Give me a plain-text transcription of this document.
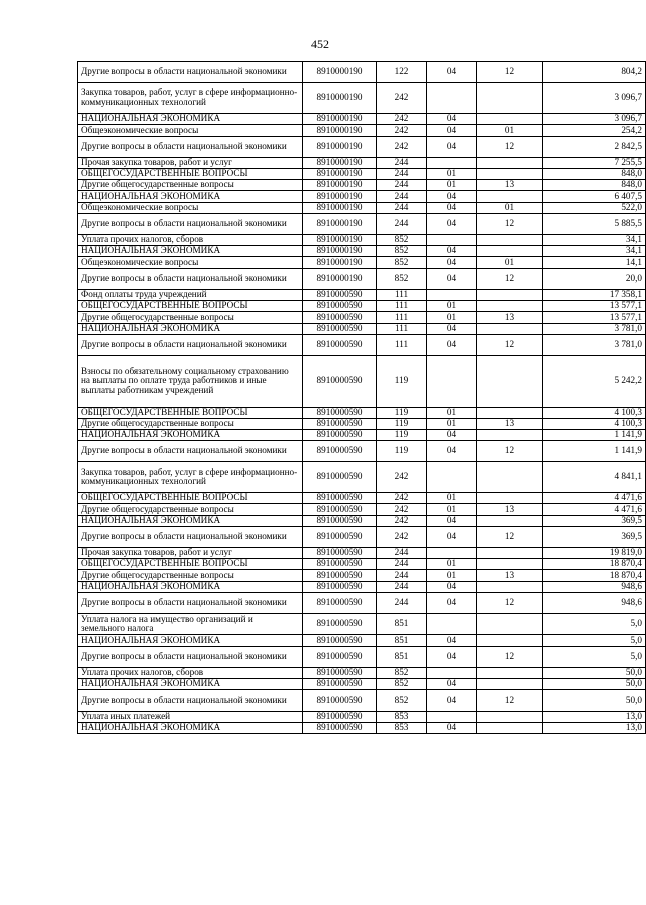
452
Другие вопросы в области национальной экономики	8910000190	122	04	12	804,2
Закупка товаров, работ, услуг в сфере информационно-коммуникационных технологий	8910000190	242			3 096,7
НАЦИОНАЛЬНАЯ ЭКОНОМИКА	8910000190	242	04		3 096,7
Общеэкономические вопросы	8910000190	242	04	01	254,2
Другие вопросы в области национальной экономики	8910000190	242	04	12	2 842,5
Прочая закупка товаров, работ и услуг	8910000190	244			7 255,5
ОБЩЕГОСУДАРСТВЕННЫЕ ВОПРОСЫ	8910000190	244	01		848,0
Другие общегосударственные вопросы	8910000190	244	01	13	848,0
НАЦИОНАЛЬНАЯ ЭКОНОМИКА	8910000190	244	04		6 407,5
Общеэкономические вопросы	8910000190	244	04	01	522,0
Другие вопросы в области национальной экономики	8910000190	244	04	12	5 885,5
Уплата прочих налогов, сборов	8910000190	852			34,1
НАЦИОНАЛЬНАЯ ЭКОНОМИКА	8910000190	852	04		34,1
Общеэкономические вопросы	8910000190	852	04	01	14,1
Другие вопросы в области национальной экономики	8910000190	852	04	12	20,0
Фонд оплаты труда учреждений	8910000590	111			17 358,1
ОБЩЕГОСУДАРСТВЕННЫЕ ВОПРОСЫ	8910000590	111	01		13 577,1
Другие общегосударственные вопросы	8910000590	111	01	13	13 577,1
НАЦИОНАЛЬНАЯ ЭКОНОМИКА	8910000590	111	04		3 781,0
Другие вопросы в области национальной экономики	8910000590	111	04	12	3 781,0
Взносы по обязательному социальному страхованию на выплаты по оплате труда работников и иные выплаты работникам учреждений	8910000590	119			5 242,2
ОБЩЕГОСУДАРСТВЕННЫЕ ВОПРОСЫ	8910000590	119	01		4 100,3
Другие общегосударственные вопросы	8910000590	119	01	13	4 100,3
НАЦИОНАЛЬНАЯ ЭКОНОМИКА	8910000590	119	04		1 141,9
Другие вопросы в области национальной экономики	8910000590	119	04	12	1 141,9
Закупка товаров, работ, услуг в сфере информационно-коммуникационных технологий	8910000590	242			4 841,1
ОБЩЕГОСУДАРСТВЕННЫЕ ВОПРОСЫ	8910000590	242	01		4 471,6
Другие общегосударственные вопросы	8910000590	242	01	13	4 471,6
НАЦИОНАЛЬНАЯ ЭКОНОМИКА	8910000590	242	04		369,5
Другие вопросы в области национальной экономики	8910000590	242	04	12	369,5
Прочая закупка товаров, работ и услуг	8910000590	244			19 819,0
ОБЩЕГОСУДАРСТВЕННЫЕ ВОПРОСЫ	8910000590	244	01		18 870,4
Другие общегосударственные вопросы	8910000590	244	01	13	18 870,4
НАЦИОНАЛЬНАЯ ЭКОНОМИКА	8910000590	244	04		948,6
Другие вопросы в области национальной экономики	8910000590	244	04	12	948,6
Уплата налога на имущество организаций и земельного налога	8910000590	851			5,0
НАЦИОНАЛЬНАЯ ЭКОНОМИКА	8910000590	851	04		5,0
Другие вопросы в области национальной экономики	8910000590	851	04	12	5,0
Уплата прочих налогов, сборов	8910000590	852			50,0
НАЦИОНАЛЬНАЯ ЭКОНОМИКА	8910000590	852	04		50,0
Другие вопросы в области национальной экономики	8910000590	852	04	12	50,0
Уплата иных платежей	8910000590	853			13,0
НАЦИОНАЛЬНАЯ ЭКОНОМИКА	8910000590	853	04		13,0
